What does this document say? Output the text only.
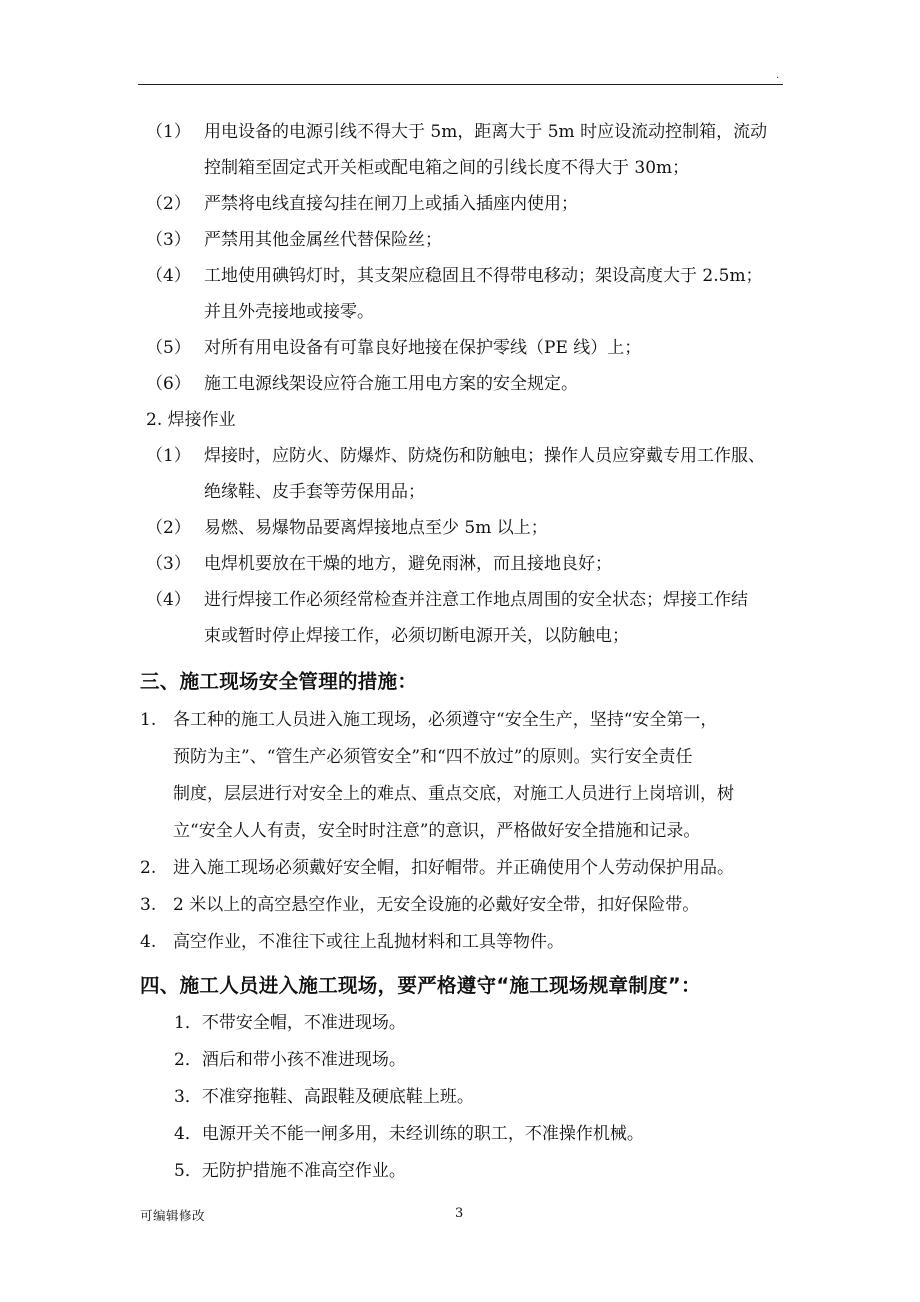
.
（1） 用电设备的电源引线不得大于 5m，距离大于 5m 时应设流动控制箱，流动
控制箱至固定式开关柜或配电箱之间的引线长度不得大于 30m；
（2） 严禁将电线直接勾挂在闸刀上或插入插座内使用；
（3） 严禁用其他金属丝代替保险丝；
（4） 工地使用碘钨灯时，其支架应稳固且不得带电移动；架设高度大于 2.5m；
并且外壳接地或接零。
（5） 对所有用电设备有可靠良好地接在保护零线（PE 线）上；
（6） 施工电源线架设应符合施工用电方案的安全规定。
2. 焊接作业
（1） 焊接时，应防火、防爆炸、防烧伤和防触电；操作人员应穿戴专用工作服、
绝缘鞋、皮手套等劳保用品；
（2） 易燃、易爆物品要离焊接地点至少 5m 以上；
（3） 电焊机要放在干燥的地方，避免雨淋，而且接地良好；
（4） 进行焊接工作必须经常检查并注意工作地点周围的安全状态；焊接工作结
束或暂时停止焊接工作，必须切断电源开关，以防触电；
三、施工现场安全管理的措施：
1. 各工种的施工人员进入施工现场，必须遵守“安全生产，坚持“安全第一，
预防为主”、“管生产必须管安全”和“四不放过”的原则。实行安全责任
制度，层层进行对安全上的难点、重点交底，对施工人员进行上岗培训，树
立“安全人人有责，安全时时注意”的意识，严格做好安全措施和记录。
2. 进入施工现场必须戴好安全帽，扣好帽带。并正确使用个人劳动保护用品。
3. 2 米以上的高空悬空作业，无安全设施的必戴好安全带，扣好保险带。
4. 高空作业，不准往下或往上乱抛材料和工具等物件。
四、施工人员进入施工现场，要严格遵守“施工现场规章制度”：
1．不带安全帽，不准进现场。
2．酒后和带小孩不准进现场。
3．不准穿拖鞋、高跟鞋及硬底鞋上班。
4．电源开关不能一闸多用，未经训练的职工，不准操作机械。
5．无防护措施不准高空作业。
可编辑修改	3
